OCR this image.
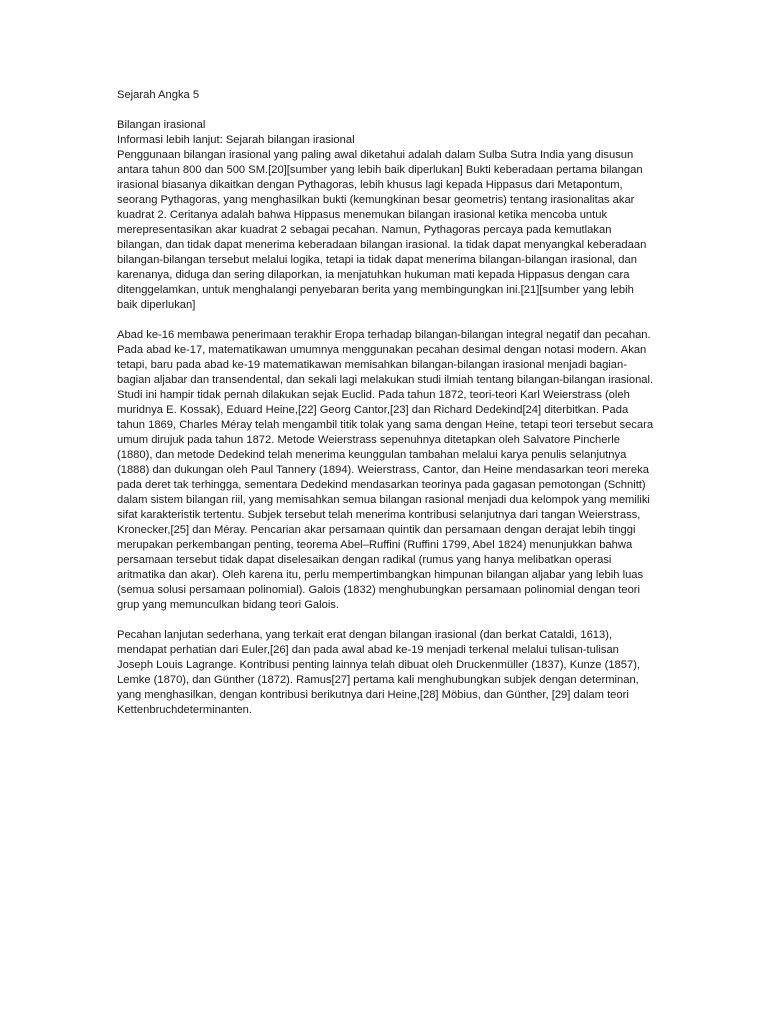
Sejarah Angka 5
Bilangan irasional
Informasi lebih lanjut: Sejarah bilangan irasional

Penggunaan bilangan irasional yang paling awal diketahui adalah dalam Sulba Sutra India yang disusun antara tahun 800 dan 500 SM.[20][sumber yang lebih baik diperlukan] Bukti keberadaan pertama bilangan irasional biasanya dikaitkan dengan Pythagoras, lebih khusus lagi kepada Hippasus dari Metapontum, seorang Pythagoras, yang menghasilkan bukti (kemungkinan besar geometris) tentang irasionalitas akar kuadrat 2. Ceritanya adalah bahwa Hippasus menemukan bilangan irasional ketika mencoba untuk merepresentasikan akar kuadrat 2 sebagai pecahan. Namun, Pythagoras percaya pada kemutlakan bilangan, dan tidak dapat menerima keberadaan bilangan irasional. Ia tidak dapat menyangkal keberadaan bilangan-bilangan tersebut melalui logika, tetapi ia tidak dapat menerima bilangan-bilangan irasional, dan karenanya, diduga dan sering dilaporkan, ia menjatuhkan hukuman mati kepada Hippasus dengan cara ditenggelamkan, untuk menghalangi penyebaran berita yang membingungkan ini.[21][sumber yang lebih baik diperlukan]

Abad ke-16 membawa penerimaan terakhir Eropa terhadap bilangan-bilangan integral negatif dan pecahan. Pada abad ke-17, matematikawan umumnya menggunakan pecahan desimal dengan notasi modern. Akan tetapi, baru pada abad ke-19 matematikawan memisahkan bilangan-bilangan irasional menjadi bagian-bagian aljabar dan transendental, dan sekali lagi melakukan studi ilmiah tentang bilangan-bilangan irasional. Studi ini hampir tidak pernah dilakukan sejak Euclid. Pada tahun 1872, teori-teori Karl Weierstrass (oleh muridnya E. Kossak), Eduard Heine,[22] Georg Cantor,[23] dan Richard Dedekind[24] diterbitkan. Pada tahun 1869, Charles Méray telah mengambil titik tolak yang sama dengan Heine, tetapi teori tersebut secara umum dirujuk pada tahun 1872. Metode Weierstrass sepenuhnya ditetapkan oleh Salvatore Pincherle (1880), dan metode Dedekind telah menerima keunggulan tambahan melalui karya penulis selanjutnya (1888) dan dukungan oleh Paul Tannery (1894). Weierstrass, Cantor, dan Heine mendasarkan teori mereka pada deret tak terhingga, sementara Dedekind mendasarkan teorinya pada gagasan pemotongan (Schnitt) dalam sistem bilangan riil, yang memisahkan semua bilangan rasional menjadi dua kelompok yang memiliki sifat karakteristik tertentu. Subjek tersebut telah menerima kontribusi selanjutnya dari tangan Weierstrass, Kronecker,[25] dan Méray. Pencarian akar persamaan quintik dan persamaan dengan derajat lebih tinggi merupakan perkembangan penting, teorema Abel–Ruffini (Ruffini 1799, Abel 1824) menunjukkan bahwa persamaan tersebut tidak dapat diselesaikan dengan radikal (rumus yang hanya melibatkan operasi aritmatika dan akar). Oleh karena itu, perlu mempertimbangkan himpunan bilangan aljabar yang lebih luas (semua solusi persamaan polinomial). Galois (1832) menghubungkan persamaan polinomial dengan teori grup yang memunculkan bidang teori Galois.

Pecahan lanjutan sederhana, yang terkait erat dengan bilangan irasional (dan berkat Cataldi, 1613), mendapat perhatian dari Euler,[26] dan pada awal abad ke-19 menjadi terkenal melalui tulisan-tulisan Joseph Louis Lagrange. Kontribusi penting lainnya telah dibuat oleh Druckenmüller (1837), Kunze (1857), Lemke (1870), dan Günther (1872). Ramus[27] pertama kali menghubungkan subjek dengan determinan, yang menghasilkan, dengan kontribusi berikutnya dari Heine,[28] Möbius, dan Günther, [29] dalam teori Kettenbruchdeterminanten.
